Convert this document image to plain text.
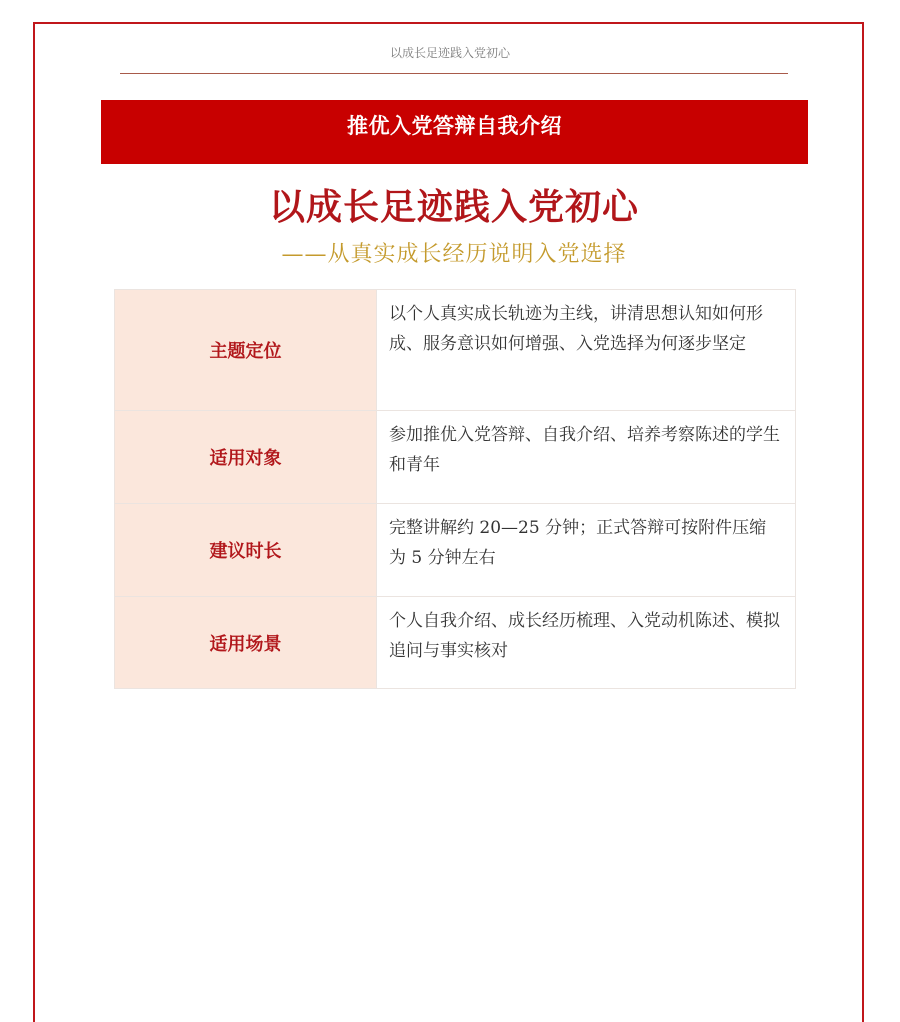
以成长足迹践入党初心
推优入党答辩自我介绍
以成长足迹践入党初心
——从真实成长经历说明入党选择
主题定位	以个人真实成长轨迹为主线，讲清思想认知如何形成、服务意识如何增强、入党选择为何逐步坚定
适用对象	参加推优入党答辩、自我介绍、培养考察陈述的学生和青年
建议时长	完整讲解约 20—25 分钟；正式答辩可按附件压缩为 5 分钟左右
适用场景	个人自我介绍、成长经历梳理、入党动机陈述、模拟追问与事实核对
